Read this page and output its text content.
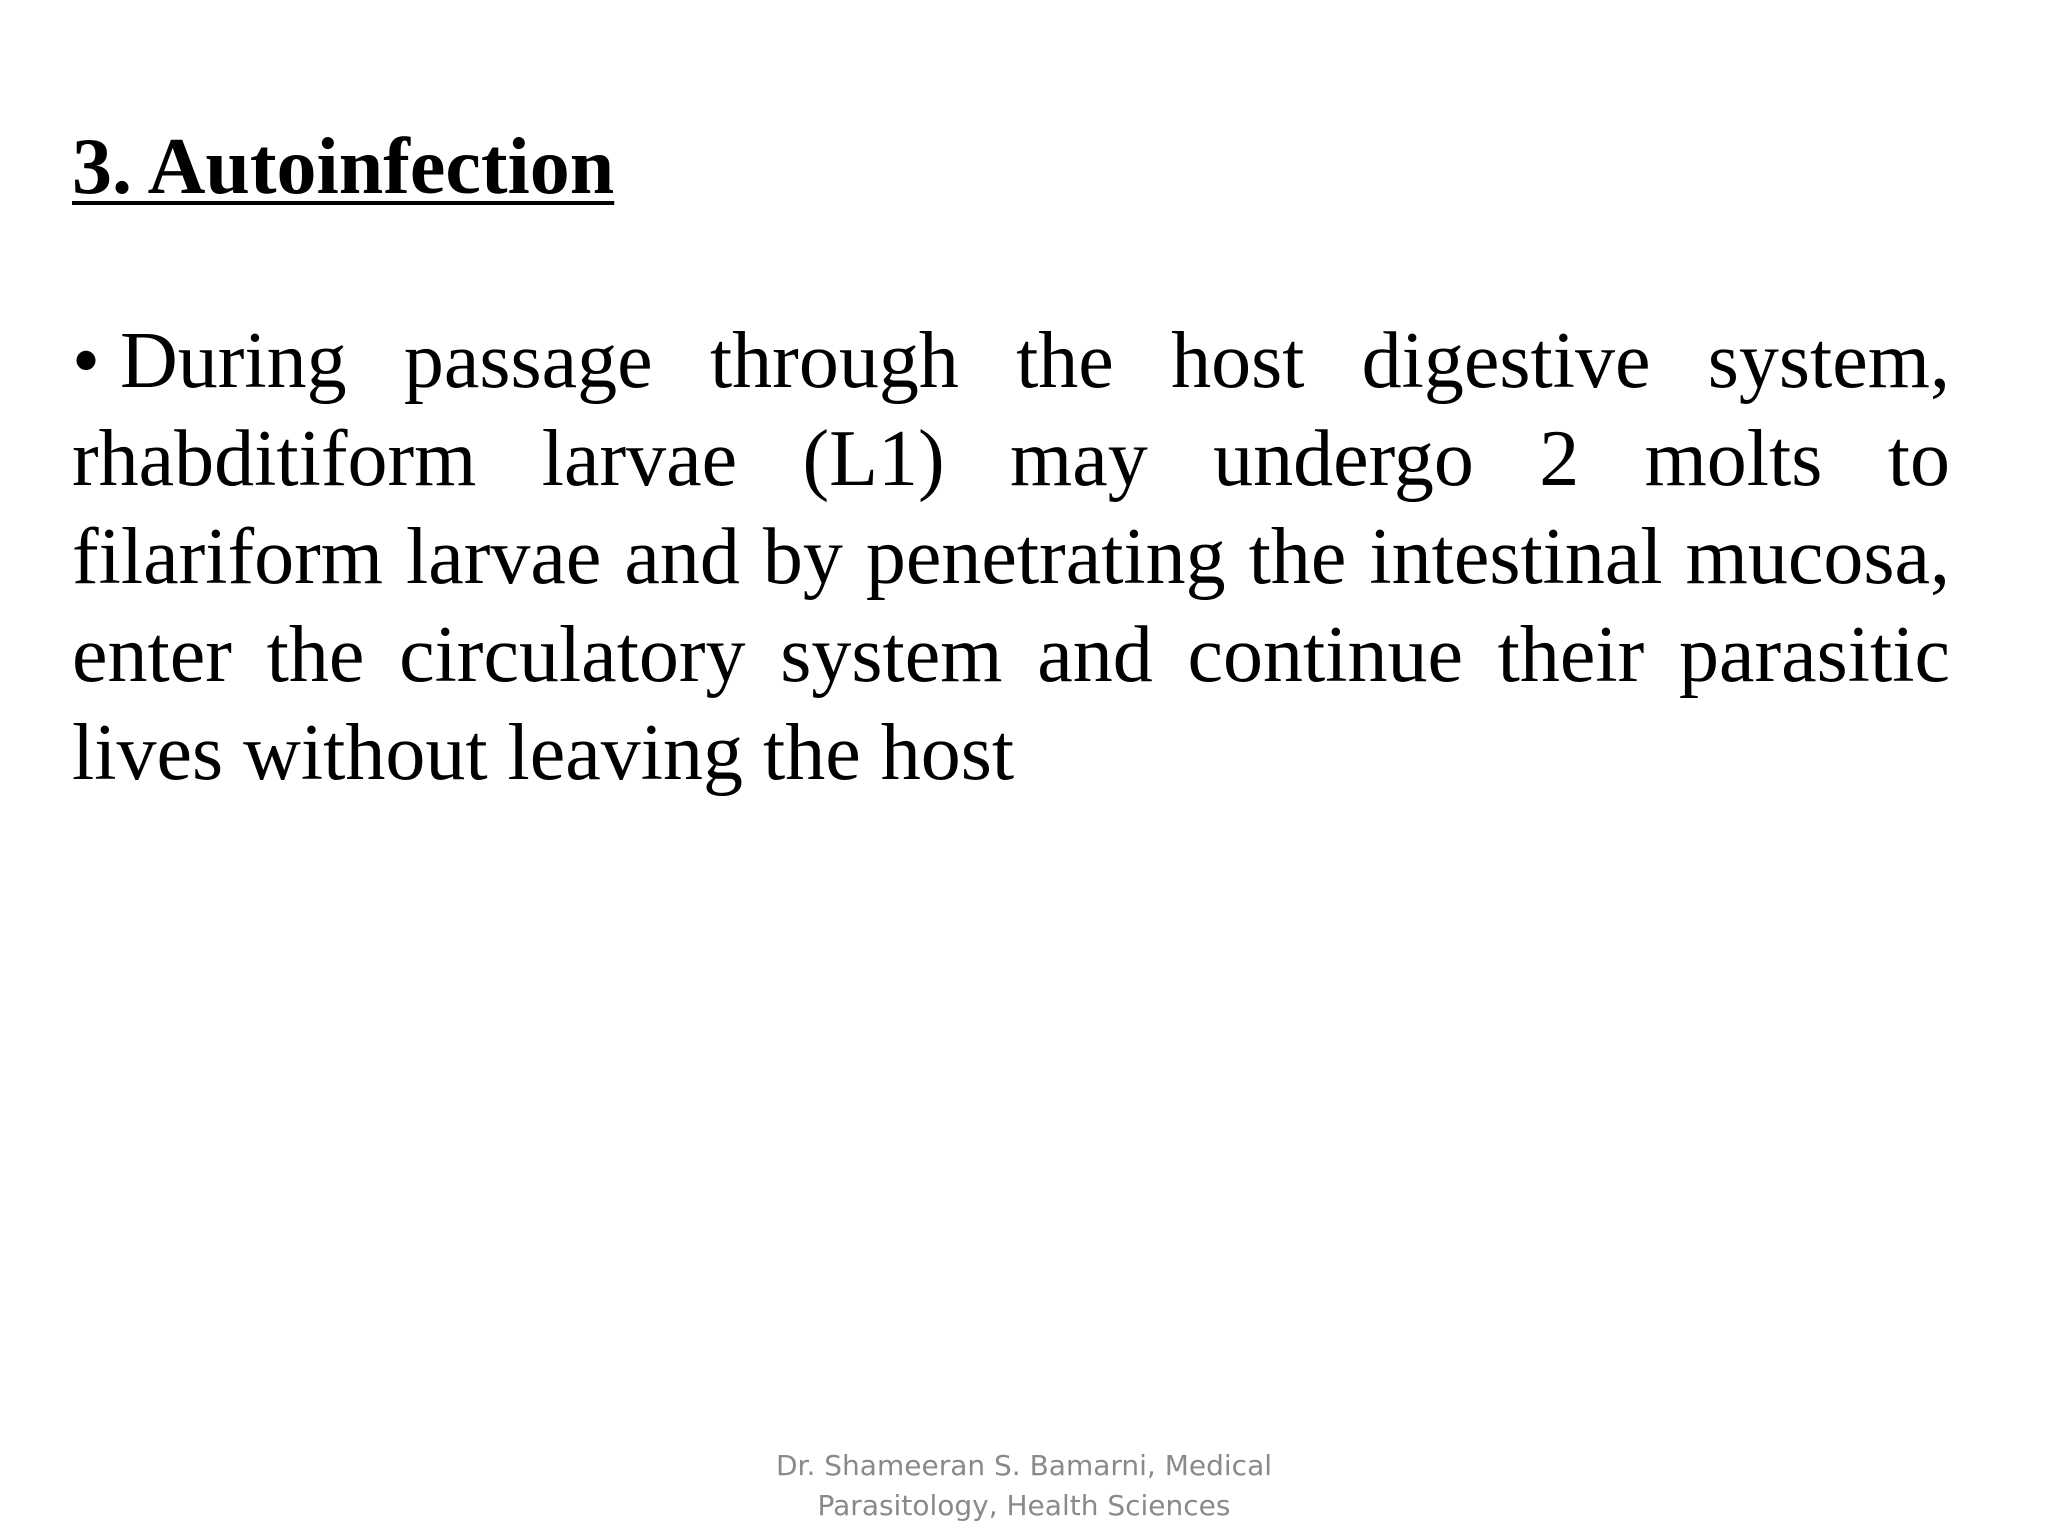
3. Autoinfection
• During passage through the host digestive system, rhabditiform larvae (L1) may undergo 2 molts to filariform larvae and by penetrating the intestinal mucosa, enter the circulatory system and continue their parasitic lives without leaving the host
Dr. Shameeran S. Bamarni, Medical
Parasitology, Health Sciences
